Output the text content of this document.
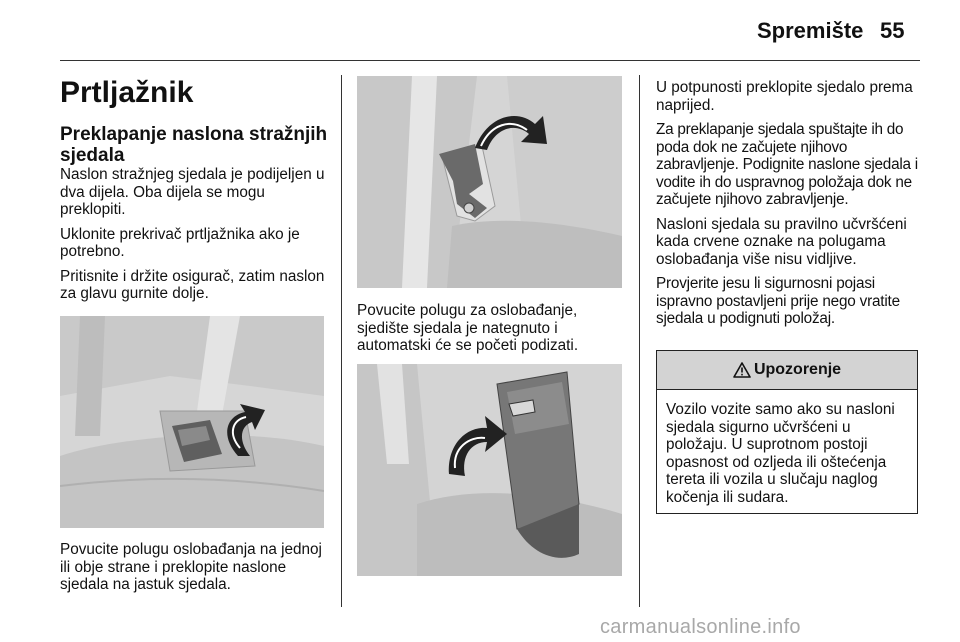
Spremište 55
Prtljažnik
Preklapanje naslona stražnjih sjedala

Naslon stražnjeg sjedala je podijeljen u dva dijela. Oba dijela se mogu preklopiti.

Uklonite prekrivač prtljažnika ako je potrebno.

Pritisnite i držite osigurač, zatim naslon za glavu gurnite dolje.

Povucite polugu oslobađanja na jednoj ili obje strane i preklopite naslone sjedala na jastuk sjedala.

Povucite polugu za oslobađanje, sjedište sjedala je nategnuto i automatski će se početi podizati.

U potpunosti preklopite sjedalo prema naprijed.

Za preklapanje sjedala spuštajte ih do poda dok ne začujete njihovo zabravljenje. Podignite naslone sjedala i vodite ih do uspravnog položaja dok ne začujete njihovo zabravljenje.

Nasloni sjedala su pravilno učvršćeni kada crvene oznake na polugama oslobađanja više nisu vidljive.

Provjerite jesu li sigurnosni pojasi ispravno postavljeni prije nego vratite sjedala u podignuti položaj.

Upozorenje
Vozilo vozite samo ako su nasloni sjedala sigurno učvršćeni u položaju. U suprotnom postoji opasnost od ozljeda ili oštećenja tereta ili vozila u slučaju naglog kočenja ili sudara.
carmanualsonline.info
